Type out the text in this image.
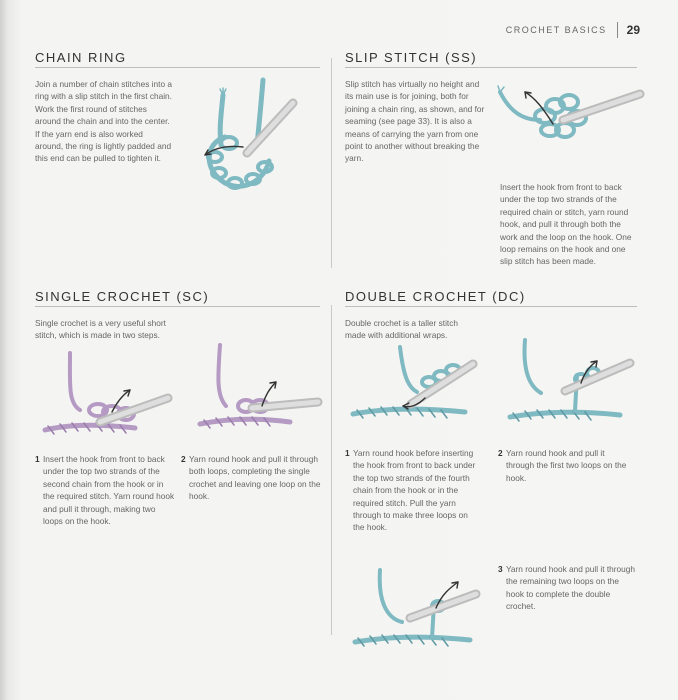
CROCHET BASICS 29
CHAIN RING

Join a number of chain stitches into a ring with a slip stitch in the first chain. Work the first round of stitches around the chain and into the center. If the yarn end is also worked around, the ring is lightly padded and this end can be pulled to tighten it.

SLIP STITCH (SS)

Slip stitch has virtually no height and its main use is for joining, both for joining a chain ring, as shown, and for seaming (see page 33). It is also a means of carrying the yarn from one point to another without breaking the yarn.

Insert the hook from front to back under the top two strands of the required chain or stitch, yarn round hook, and pull it through both the work and the loop on the hook. One loop remains on the hook and one slip stitch has been made.

SINGLE CROCHET (SC)

Single crochet is a very useful short stitch, which is made in two steps.

1 Insert the hook from front to back under the top two strands of the second chain from the hook or in the required stitch. Yarn round hook and pull it through, making two loops on the hook.
2 Yarn round hook and pull it through both loops, completing the single crochet and leaving one loop on the hook.
DOUBLE CROCHET (DC)

Double crochet is a taller stitch made with additional wraps.

1 Yarn round hook before inserting the hook from front to back under the top two strands of the fourth chain from the hook or in the required stitch. Pull the yarn through to make three loops on the hook.
2 Yarn round hook and pull it through the first two loops on the hook.
3 Yarn round hook and pull it through the remaining two loops on the hook to complete the double crochet.
